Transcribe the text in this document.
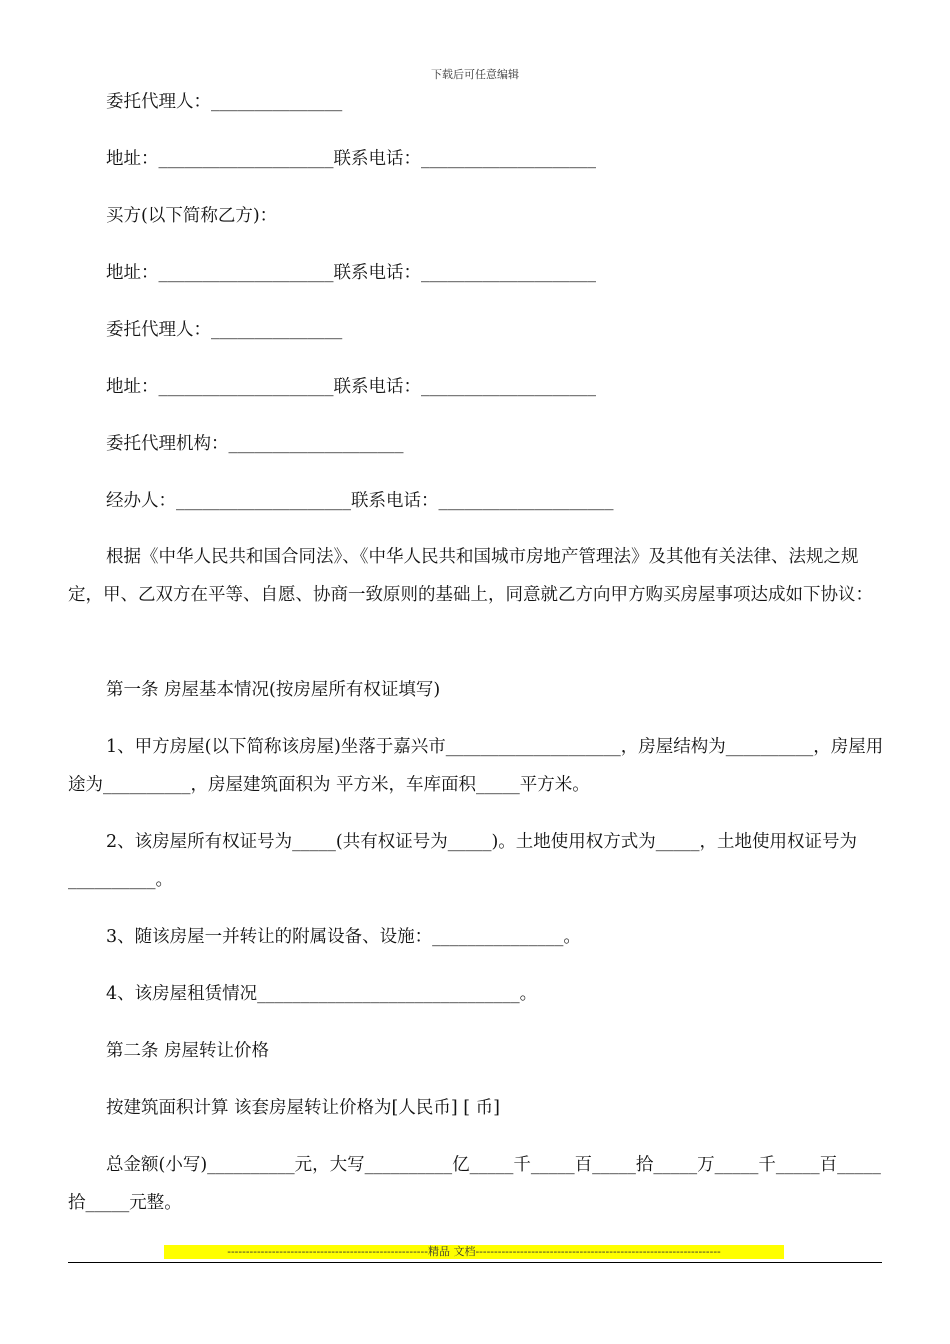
下载后可任意编辑
委托代理人：_______________
地址：____________________联系电话：____________________
买方(以下简称乙方)：
地址：____________________联系电话：____________________
委托代理人：_______________
地址：____________________联系电话：____________________
委托代理机构：____________________
经办人：____________________联系电话：____________________
根据《中华人民共和国合同法》、《中华人民共和国城市房地产管理法》及其他有关法律、法规之规定，甲、乙双方在平等、自愿、协商一致原则的基础上，同意就乙方向甲方购买房屋事项达成如下协议：
第一条 房屋基本情况(按房屋所有权证填写)
1、甲方房屋(以下简称该房屋)坐落于嘉兴市____________________，房屋结构为__________，房屋用途为__________，房屋建筑面积为 平方米，车库面积_____平方米。
2、该房屋所有权证号为_____(共有权证号为_____)。土地使用权方式为_____，土地使用权证号为__________。
3、随该房屋一并转让的附属设备、设施：_______________。
4、该房屋租赁情况______________________________。
第二条 房屋转让价格
按建筑面积计算 该套房屋转让价格为[人民币] [ 币]
总金额(小写)__________元，大写__________亿_____千_____百_____拾_____万_____千_____百_____拾_____元整。
------------------------------------------------------精品 文档------------------------------------------------------------------
